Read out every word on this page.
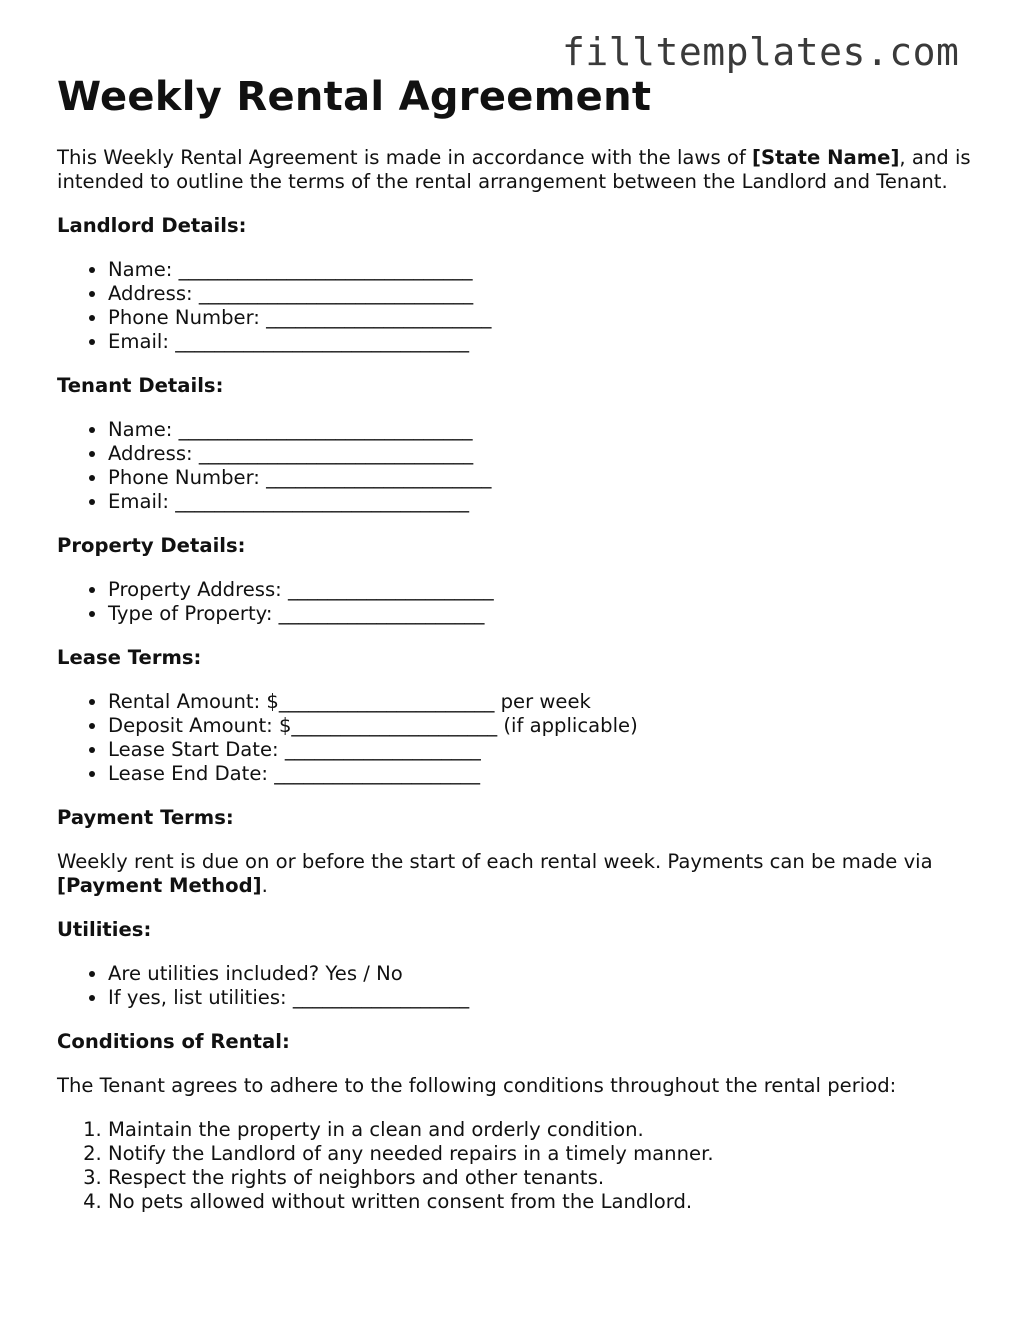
filltemplates.com
Weekly Rental Agreement

This Weekly Rental Agreement is made in accordance with the laws of [State Name], and is intended to outline the terms of the rental arrangement between the Landlord and Tenant.

Landlord Details:
• Name: ______________________________
• Address: ____________________________
• Phone Number: _______________________
• Email: ______________________________
Tenant Details:
• Name: ______________________________
• Address: ____________________________
• Phone Number: _______________________
• Email: ______________________________
Property Details:
• Property Address: _____________________
• Type of Property: _____________________
Lease Terms:
• Rental Amount: $______________________ per week
• Deposit Amount: $_____________________ (if applicable)
• Lease Start Date: ____________________
• Lease End Date: _____________________
Payment Terms:

Weekly rent is due on or before the start of each rental week. Payments can be made via [Payment Method].

Utilities:
• Are utilities included? Yes / No
• If yes, list utilities: __________________
Conditions of Rental:

The Tenant agrees to adhere to the following conditions throughout the rental period:

1. Maintain the property in a clean and orderly condition.
2. Notify the Landlord of any needed repairs in a timely manner.
3. Respect the rights of neighbors and other tenants.
4. No pets allowed without written consent from the Landlord.
